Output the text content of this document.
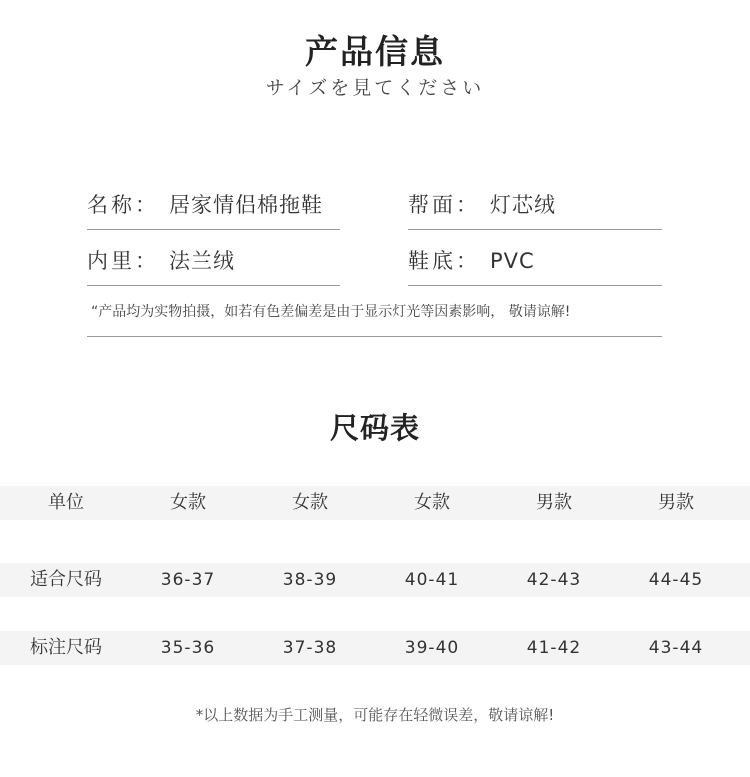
产品信息
サイズを見てください
名称： 居家情侣棉拖鞋	帮面： 灯芯绒
内里： 法兰绒	鞋底： PVC
“产品均为实物拍摄，如若有色差偏差是由于显示灯光等因素影响， 敬请谅解!
尺码表
单位	女款	女款	女款	男款	男款
适合尺码	36-37	38-39	40-41	42-43	44-45
标注尺码	35-36	37-38	39-40	41-42	43-44
*以上数据为手工测量，可能存在轻微误差，敬请谅解!
